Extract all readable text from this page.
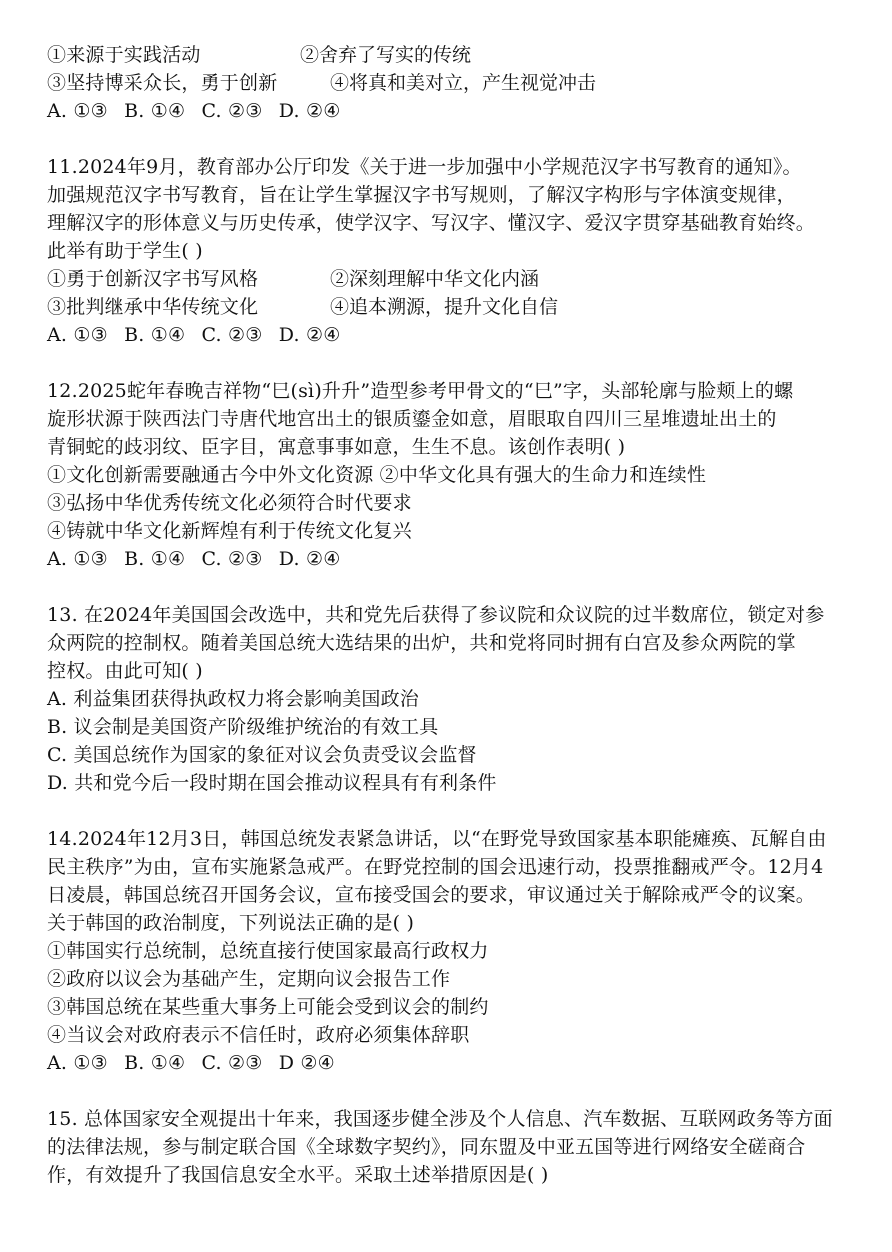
①来源于实践活动	②舍弃了写实的传统
③坚持博采众长，勇于创新	④将真和美对立，产生视觉冲击
A. ①③ B. ①④ C. ②③ D. ②④
11.2024年9月，教育部办公厅印发《关于进一步加强中小学规范汉字书写教育的通知》。
加强规范汉字书写教育，旨在让学生掌握汉字书写规则，了解汉字构形与字体演变规律，
理解汉字的形体意义与历史传承，使学汉字、写汉字、懂汉字、爱汉字贯穿基础教育始终。
此举有助于学生( )
①勇于创新汉字书写风格	②深刻理解中华文化内涵
③批判继承中华传统文化	④追本溯源，提升文化自信
A. ①③ B. ①④ C. ②③ D. ②④
12.2025蛇年春晚吉祥物“巳(sì)升升”造型参考甲骨文的“巳”字，头部轮廓与脸颊上的螺
旋形状源于陕西法门寺唐代地宫出土的银质鎏金如意，眉眼取自四川三星堆遗址出土的
青铜蛇的歧羽纹、臣字目，寓意事事如意，生生不息。该创作表明( )
①文化创新需要融通古今中外文化资源 ②中华文化具有强大的生命力和连续性
③弘扬中华优秀传统文化必须符合时代要求
④铸就中华文化新辉煌有利于传统文化复兴
A. ①③ B. ①④ C. ②③ D. ②④
13. 在2024年美国国会改选中，共和党先后获得了参议院和众议院的过半数席位，锁定对参
众两院的控制权。随着美国总统大选结果的出炉，共和党将同时拥有白宫及参众两院的掌
控权。由此可知( )
A. 利益集团获得执政权力将会影响美国政治
B. 议会制是美国资产阶级维护统治的有效工具
C. 美国总统作为国家的象征对议会负责受议会监督
D. 共和党今后一段时期在国会推动议程具有有利条件
14.2024年12月3日，韩国总统发表紧急讲话，以“在野党导致国家基本职能瘫痪、瓦解自由
民主秩序”为由，宣布实施紧急戒严。在野党控制的国会迅速行动，投票推翻戒严令。12月4
日凌晨，韩国总统召开国务会议，宣布接受国会的要求，审议通过关于解除戒严令的议案。
关于韩国的政治制度，下列说法正确的是( )
①韩国实行总统制，总统直接行使国家最高行政权力
②政府以议会为基础产生，定期向议会报告工作
③韩国总统在某些重大事务上可能会受到议会的制约
④当议会对政府表示不信任时，政府必须集体辞职
A. ①③ B. ①④ C. ②③ D ②④
15. 总体国家安全观提出十年来，我国逐步健全涉及个人信息、汽车数据、互联网政务等方面
的法律法规，参与制定联合国《全球数字契约》，同东盟及中亚五国等进行网络安全磋商合
作，有效提升了我国信息安全水平。采取土述举措原因是( )
